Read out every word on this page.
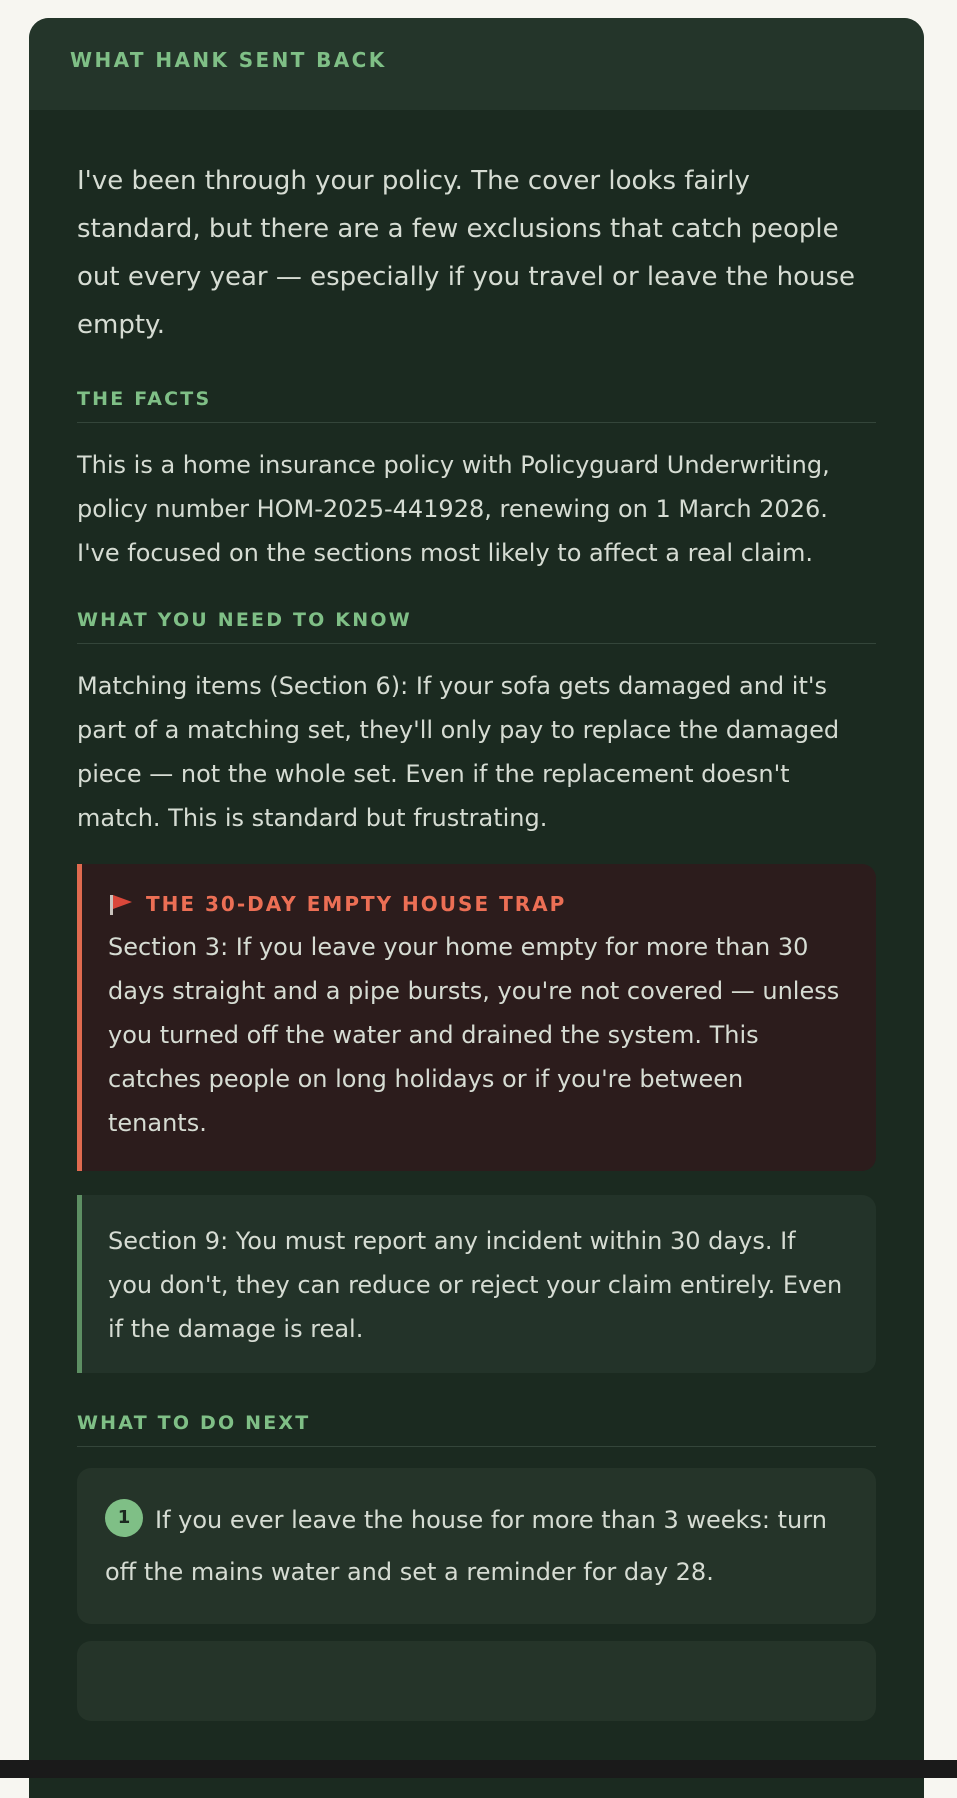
WHAT HANK SENT BACK

I've been through your policy. The cover looks fairly standard, but there are a few exclusions that catch people out every year — especially if you travel or leave the house empty.

THE FACTS

This is a home insurance policy with Policyguard Underwriting, policy number HOM-2025-441928, renewing on 1 March 2026. I've focused on the sections most likely to affect a real claim.

WHAT YOU NEED TO KNOW

Matching items (Section 6): If your sofa gets damaged and it's part of a matching set, they'll only pay to replace the damaged piece — not the whole set. Even if the replacement doesn't match. This is standard but frustrating.

THE 30-DAY EMPTY HOUSE TRAP

Section 3: If you leave your home empty for more than 30 days straight and a pipe bursts, you're not covered — unless you turned off the water and drained the system. This catches people on long holidays or if you're between tenants.

Section 9: You must report any incident within 30 days. If you don't, they can reduce or reject your claim entirely. Even if the damage is real.

WHAT TO DO NEXT

1 If you ever leave the house for more than 3 weeks: turn off the mains water and set a reminder for day 28.
